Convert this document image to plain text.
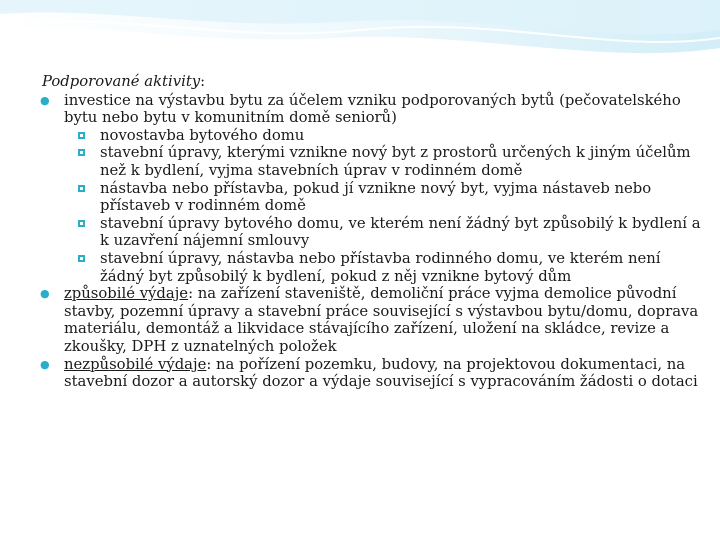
Podporované aktivity:

● investice na výstavbu bytu za účelem vzniku podporovaných bytů (pečovatelského bytu nebo bytu v komunitním domě seniorů)

novostavba bytového domu

stavební úpravy, kterými vznikne nový byt z prostorů určených k jiným účelům než k bydlení, vyjma stavebních úprav v rodinném domě

nástavba nebo přístavba, pokud jí vznikne nový byt, vyjma nástaveb nebo přístaveb v rodinném domě

stavební úpravy bytového domu, ve kterém není žádný byt způsobilý k bydlení a k uzavření nájemní smlouvy

stavební úpravy, nástavba nebo přístavba rodinného domu, ve kterém není žádný byt způsobilý k bydlení, pokud z něj vznikne bytový dům

● způsobilé výdaje: na zařízení staveniště, demoliční práce vyjma demolice původní stavby, pozemní úpravy a stavební práce související s výstavbou bytu/domu, doprava materiálu, demontáž a likvidace stávajícího zařízení, uložení na skládce, revize a zkoušky, DPH z uznatelných položek

● nezpůsobilé výdaje: na pořízení pozemku, budovy, na projektovou dokumentaci, na stavební dozor a autorský dozor a výdaje související s vypracováním žádosti o dotaci
